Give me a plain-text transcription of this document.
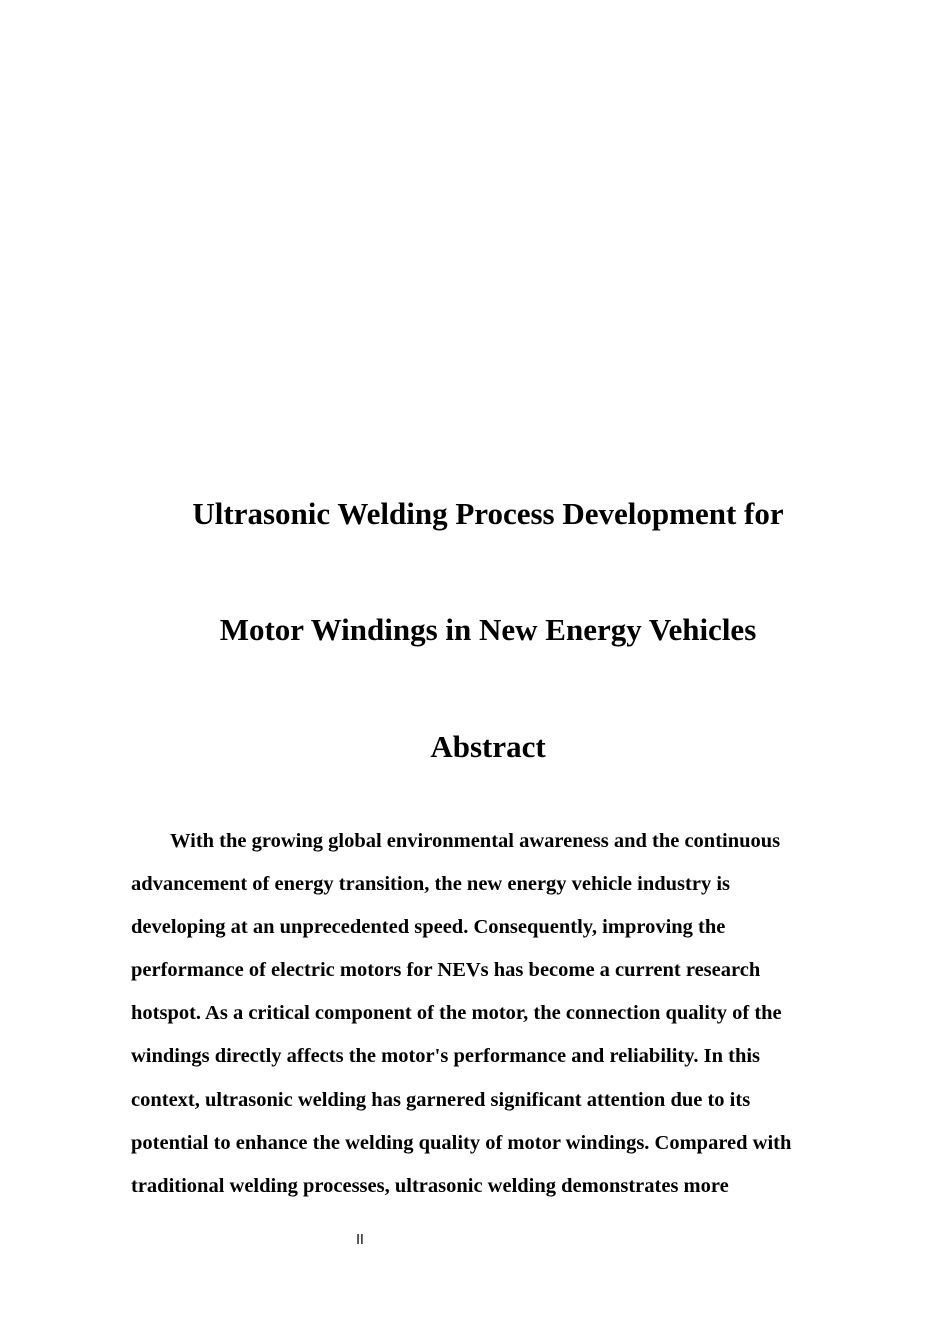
Ultrasonic Welding Process Development for
Motor Windings in New Energy Vehicles
Abstract
With the growing global environmental awareness and the continuous
advancement of energy transition, the new energy vehicle industry is
developing at an unprecedented speed. Consequently, improving the
performance of electric motors for NEVs has become a current research
hotspot. As a critical component of the motor, the connection quality of the
windings directly affects the motor's performance and reliability. In this
context, ultrasonic welding has garnered significant attention due to its
potential to enhance the welding quality of motor windings. Compared with
traditional welding processes, ultrasonic welding demonstrates more
II
